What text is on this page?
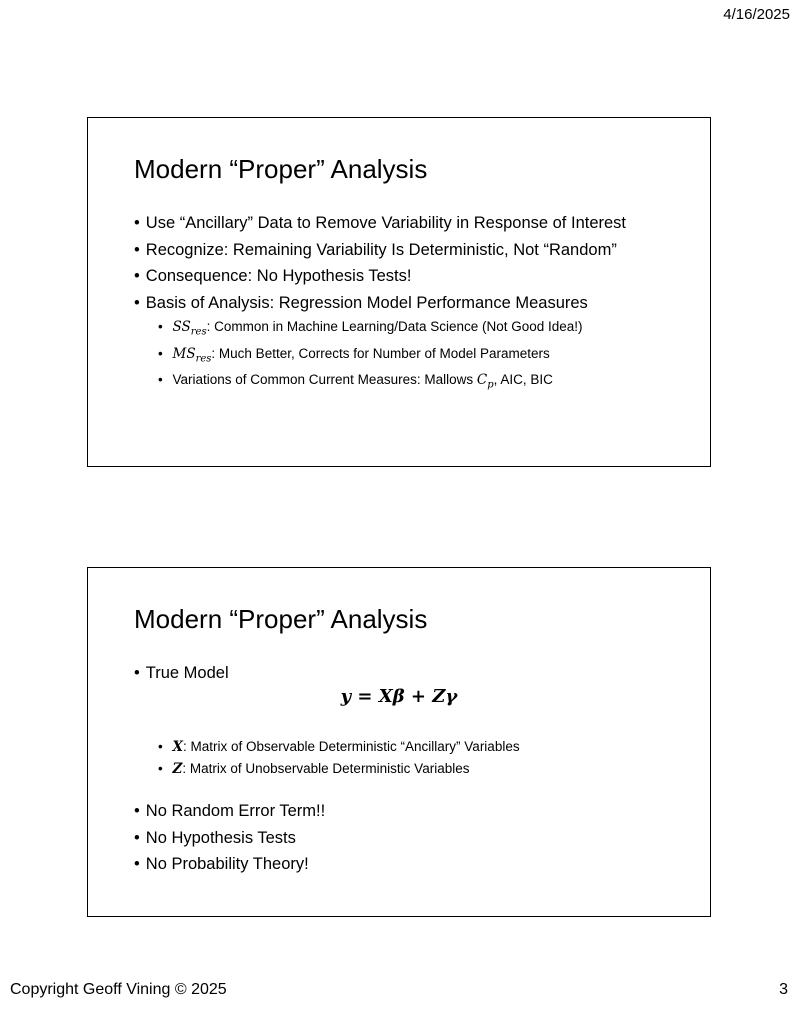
4/16/2025
Modern “Proper” Analysis
• Use “Ancillary” Data to Remove Variability in Response of Interest
• Recognize: Remaining Variability Is Deterministic, Not “Random”
• Consequence: No Hypothesis Tests!
• Basis of Analysis: Regression Model Performance Measures
• $SS_{res}$: Common in Machine Learning/Data Science (Not Good Idea!)
• $MS_{res}$: Much Better, Corrects for Number of Model Parameters
• Variations of Common Current Measures: Mallows $C_p$, AIC, BIC
Modern “Proper” Analysis
• True Model
y = Xβ + Zγ
• X: Matrix of Observable Deterministic “Ancillary” Variables
• Z: Matrix of Unobservable Deterministic Variables
• No Random Error Term!!
• No Hypothesis Tests
• No Probability Theory!
Copyright Geoff Vining © 2025	3
